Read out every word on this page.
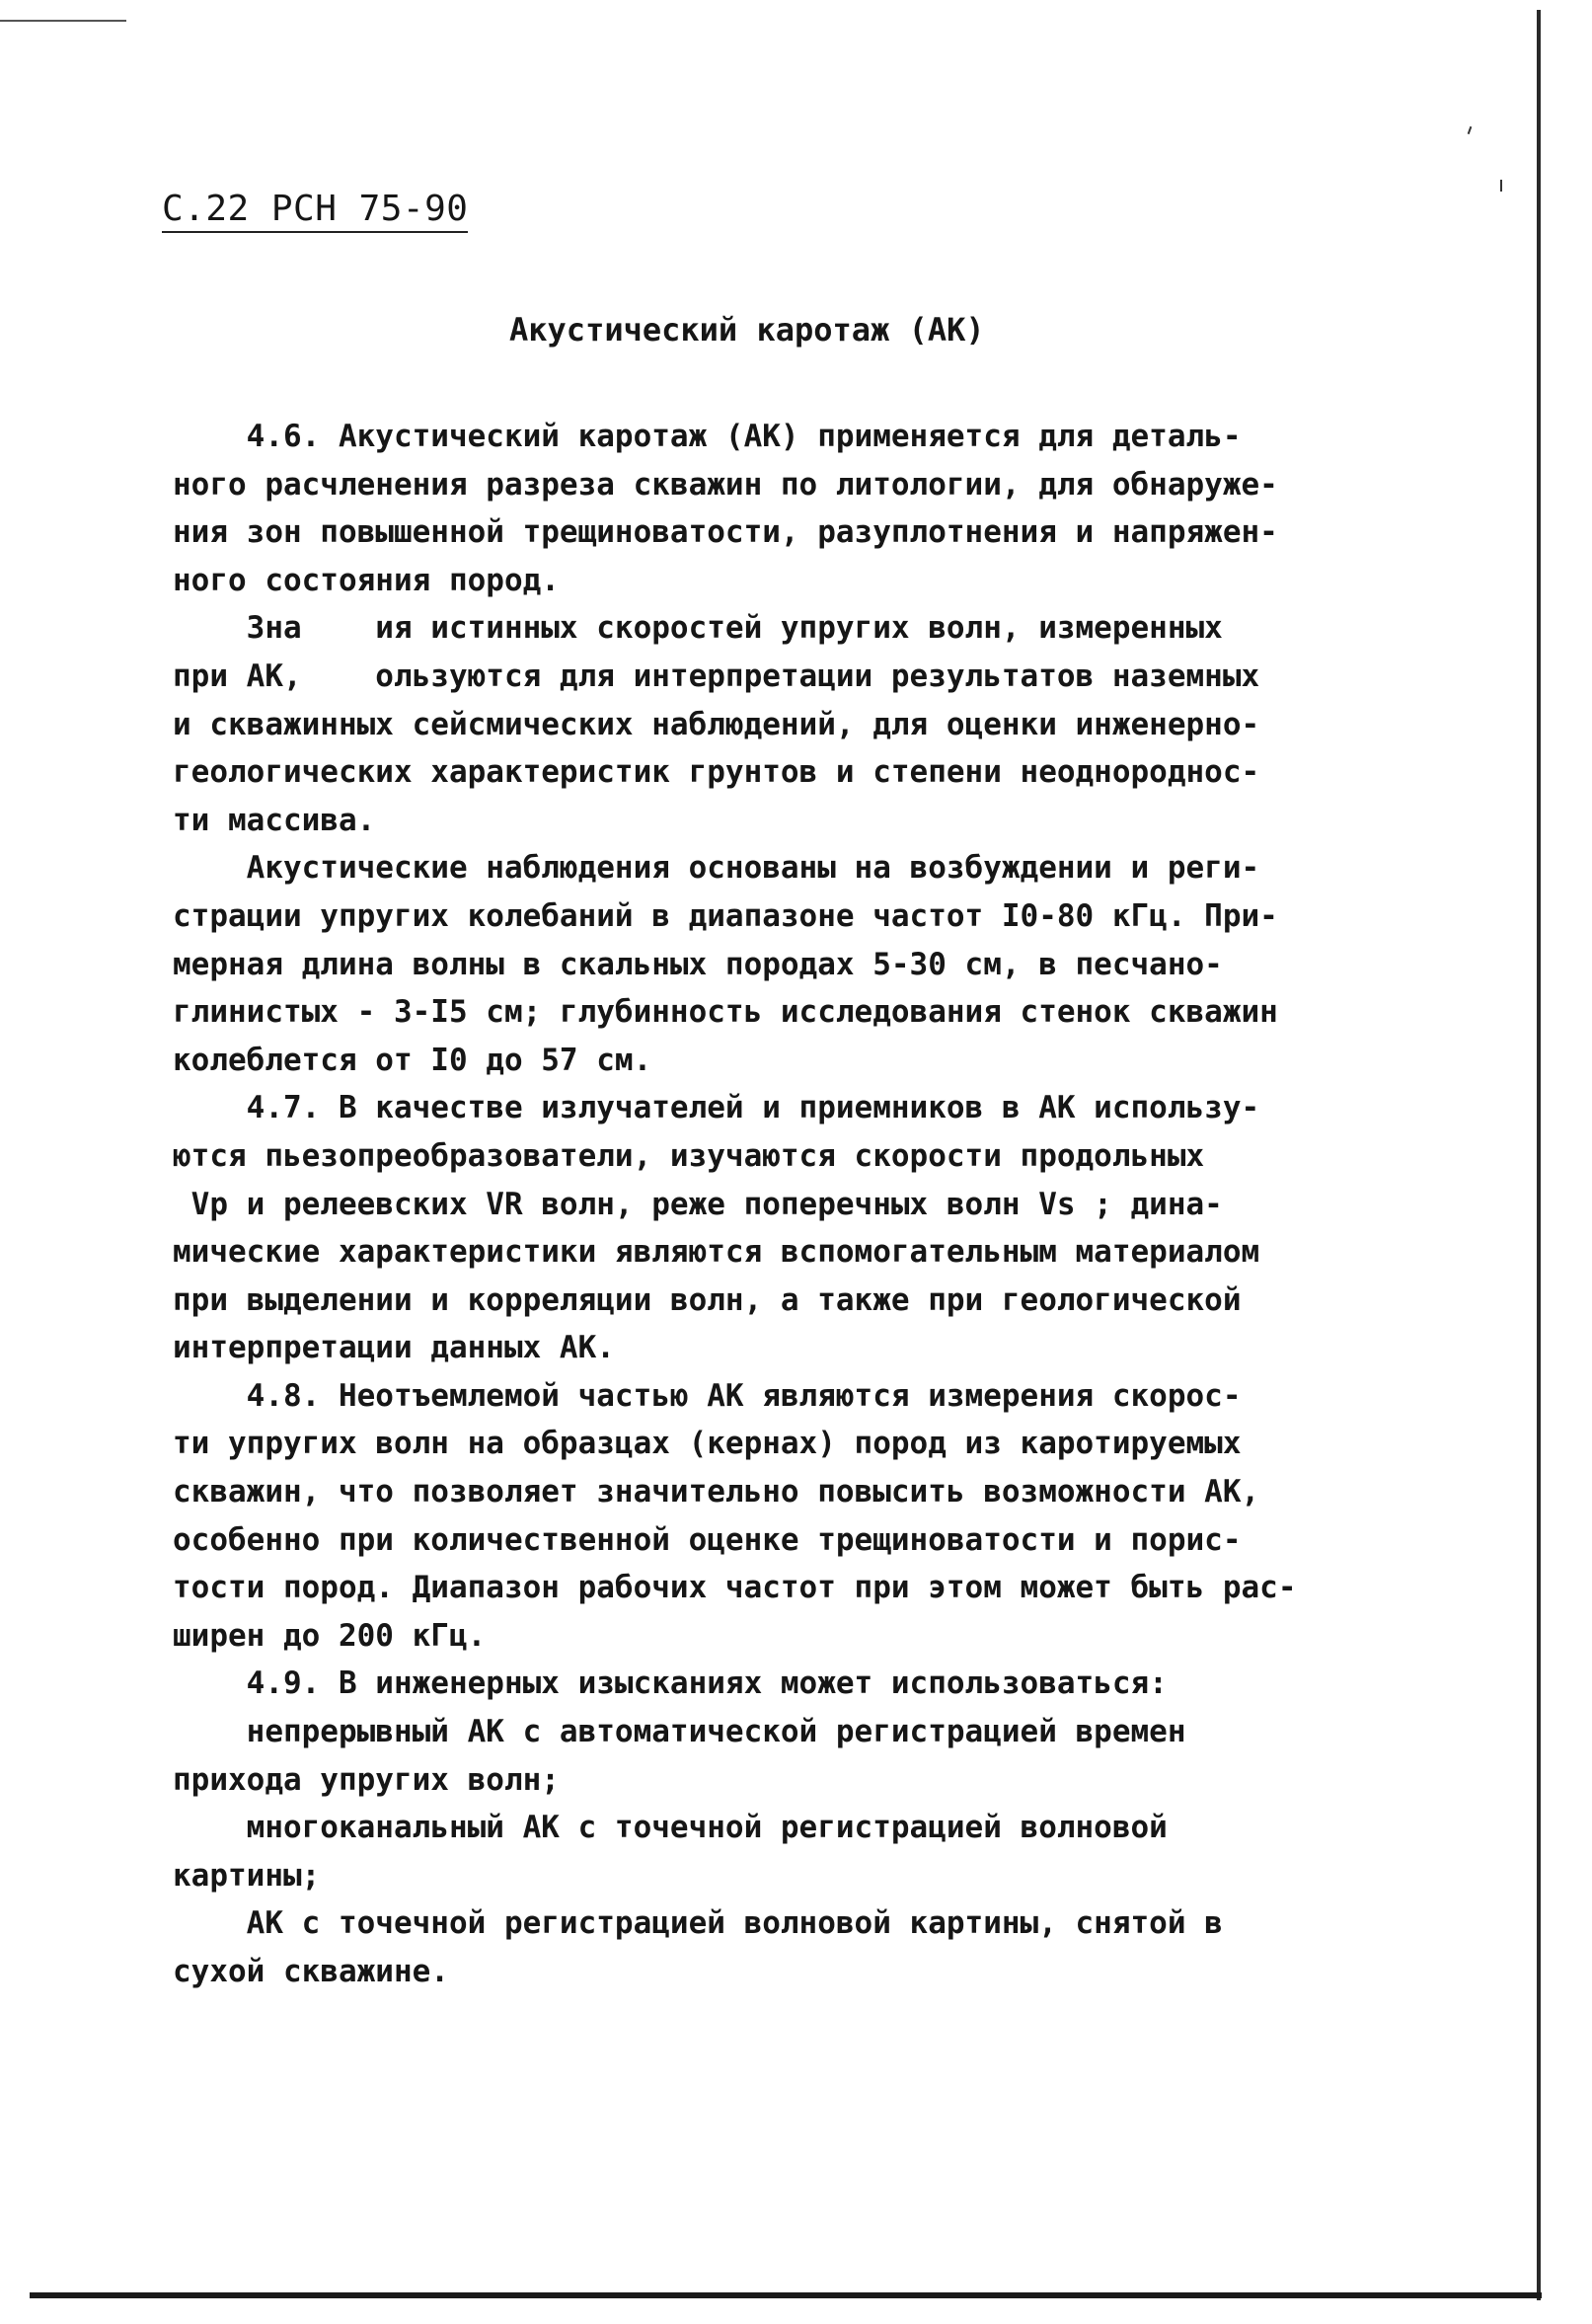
С.22 РСН 75-90
Акустический каротаж (АК)

4.6. Акустический каротаж (АК) применяется для деталь-
ного расчленения разреза скважин по литологии, для обнаруже-
ния зон повышенной трещиноватости, разуплотнения и напряжен-
ного состояния пород.

Зна    ия истинных скоростей упругих волн, измеренных
при АК,    ользуются для интерпретации результатов наземных
и скважинных сейсмических наблюдений, для оценки инженерно-
геологических характеристик грунтов и степени неоднороднос-
ти массива.

Акустические наблюдения основаны на возбуждении и реги-
страции упругих колебаний в диапазоне частот I0-80 кГц. При-
мерная длина волны в скальных породах 5-30 см, в песчано-
глинистых - 3-I5 см; глубинность исследования стенок скважин
колеблется от I0 до 57 см.

4.7. В качестве излучателей и приемников в АК использу-
ются пьезопреобразователи, изучаются скорости продольных
Vp и релеевских VR волн, реже поперечных волн Vs ; дина-
мические характеристики являются вспомогательным материалом
при выделении и корреляции волн, а также при геологической
интерпретации данных АК.

4.8. Неотъемлемой частью АК являются измерения скорос-
ти упругих волн на образцах (кернах) пород из каротируемых
скважин, что позволяет значительно повысить возможности АК,
особенно при количественной оценке трещиноватости и порис-
тости пород. Диапазон рабочих частот при этом может быть рас-
ширен до 200 кГц.

4.9. В инженерных изысканиях может использоваться:

непрерывный АК с автоматической регистрацией времен
прихода упругих волн;

многоканальный АК с точечной регистрацией волновой
картины;

АК с точечной регистрацией волновой картины, снятой в
сухой скважине.
